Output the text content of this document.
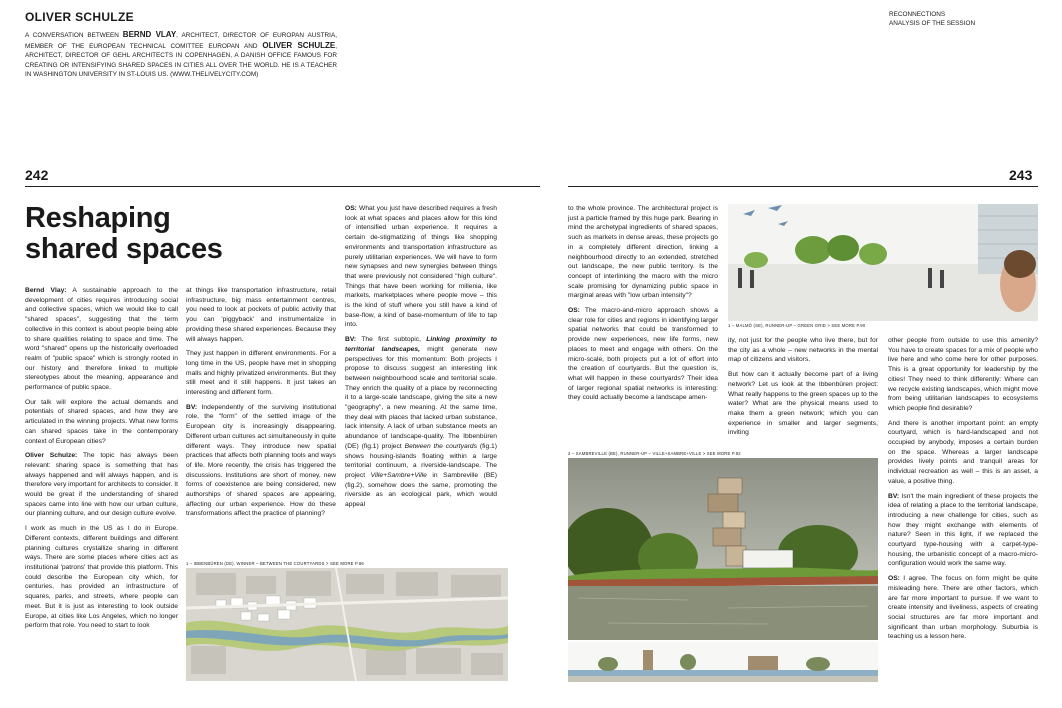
OLIVER SCHULZE
A CONVERSATION BETWEEN BERND VLAY, ARCHITECT, DIRECTOR OF EUROPAN AUSTRIA, MEMBER OF THE EUROPEAN TECHNICAL COMITTEE EUROPAN AND OLIVER SCHULZE, ARCHITECT, DIRECTOR OF GEHL ARCHITECTS IN COPENHAGEN, A DANISH OFFICE FAMOUS FOR CREATING OR INTENSIFYING SHARED SPACES IN CITIES ALL OVER THE WORLD. HE IS A TEACHER IN WASHINGTON UNIVERSITY IN ST-LOUIS US. (WWW.THELIVELYCITY.COM)
RECONNECTIONS
ANALYSIS OF THE SESSION
242	243
Reshaping
shared spaces

Bernd Vlay: A sustainable approach to the development of cities requires introducing social and collective spaces, which we would like to call "shared spaces", suggesting that the term collective in this context is about people being able to share qualities relating to space and time. The word "shared" opens up the historically overloaded realm of "public space" which is strongly rooted in our history and therefore linked to multiple stereotypes about the meaning, appearance and performance of public space.

Our talk will explore the actual demands and potentials of shared spaces, and how they are articulated in the winning projects. What new forms can shared spaces take in the contemporary context of European cities?

Oliver Schulze: The topic has always been relevant: sharing space is something that has always happened and will always happen, and is therefore very important for architects to consider. It would be great if the understanding of shared spaces came into line with how our urban culture, our planning culture, and our design culture evolve.

I work as much in the US as I do in Europe. Different contexts, different buildings and different planning cultures crystallize sharing in different ways. There are some places where cities act as institutional 'patrons' that provide this platform. This could describe the European city which, for centuries, has provided an infrastructure of squares, parks, and streets, where people can meet. But it is just as interesting to look outside Europe, at cities like Los Angeles, which no longer perform that role. You need to start to look

at things like transportation infrastructure, retail infrastructure, big mass entertainment centres, you need to look at pockets of public activity that you can 'piggyback' and instrumentalize in providing these shared experiences. Because they will always happen.

They just happen in different environments. For a long time in the US, people have met in shopping malls and highly privatized environments. But they still meet and it still happens. It just takes an interesting and different form.

BV: Independently of the surviving institutional role, the "form" of the settled image of the European city is increasingly disappearing. Different urban cultures act simultaneously in quite different ways. They introduce new spatial practices that affects both planning tools and ways of life. More recently, the crisis has triggered the discussions. Institutions are short of money, new forms of coexistence are being considered, new authorships of shared spaces are appearing, affecting our urban experience. How do these transformations affect the practice of planning?

OS: What you just have described requires a fresh look at what spaces and places allow for this kind of intensified urban experience. It requires a certain de-stigmatizing of things like shopping environments and transportation infrastructure as purely utilitarian experiences. We will have to form new synapses and new synergies between things that were previously not considered "high culture". Things that have been working for millenia, like markets, marketplaces where people move – this is the kind of stuff where you still have a kind of base-flow, a kind of base-momentum of life to tap into.

BV: The first subtopic, Linking proximity to territorial landscapes, might generate new perspectives for this momentum: Both projects I propose to discuss suggest an interesting link between neighbourhood scale and territorial scale. They enrich the quality of a place by reconnecting it to a large-scale landscape, giving the site a new "geography", a new meaning. At the same time, they deal with places that lacked urban substance, lack intensity. A lack of urban substance meets an abundance of landscape-quality. The Ibbenbüren (DE) (fig.1) project Between the courtyards (fig.1) shows housing-islands floating within a large territorial continuum, a riverside-landscape. The project Ville+Sambre+Ville in Sambreville (BE) (fig.2), somehow does the same, promoting the riverside as an ecological park, which would appeal

1 – IBBENBÜREN (DE), WINNER – BETWEEN THE COURTYARDS > SEE MORE P.86

to the whole province. The architectural project is just a particle framed by this huge park. Bearing in mind the archetypal ingredients of shared spaces, such as markets in dense areas, these projects go in a completely different direction, linking a neighbourhood directly to an extended, stretched out landscape, the new public territory. Is the concept of interlinking the macro with the micro scale promising for dynamizing public space in marginal areas with "low urban intensity"?

OS: The macro-and-micro approach shows a clear role for cities and regions in identifying larger spatial networks that could be transformed to provide new experiences, new life forms, new places to meet and engage with others. On the micro-scale, both projects put a lot of effort into the creation of courtyards. But the question is, what will happen in these courtyards? Their idea of larger regional spatial networks is interesting: they could actually become a landscape amen-

1 – MALMÖ (SE), RUNNER-UP – GREEN GRID > SEE MORE P.90

ity, not just for the people who live there, but for the city as a whole – new networks in the mental map of citizens and visitors.

But how can it actually become part of a living network? Let us look at the Ibbenbüren project: What really happens to the green spaces up to the water? What are the physical means used to make them a green network; which you can experience in smaller and larger segments, inviting

other people from outside to use this amenity? You have to create spaces for a mix of people who live here and who come here for other purposes. This is a great opportunity for leadership by the cities! They need to think differently: Where can we recycle existing landscapes, which might move from being utilitarian landscapes to ecosystems which people find desirable?

And there is another important point: an empty courtyard, which is hard-landscaped and not occupied by anybody, imposes a certain burden on the space. Whereas a larger landscape provides lively points and tranquil areas for individual recreation as well – this is an asset, a value, a positive thing.

BV: Isn't the main ingredient of these projects the idea of relating a place to the territorial landscape, introducing a new challenge for cities, such as how they might exchange with elements of nature? Seen in this light, if we replaced the courtyard type-housing with a carpet-type-housing, the urbanistic concept of a macro-micro-configuration would work the same way.

OS: I agree. The focus on form might be quite misleading here. There are other factors, which are far more important to pursue. If we want to create intensity and liveliness, aspects of creating social structures are far more important and significant than urban morphology. Suburbia is teaching us a lesson here.

2 – SAMBREVILLE (BE), RUNNER-UP – VILLE+SAMBRE+VILLE > SEE MORE P.92
